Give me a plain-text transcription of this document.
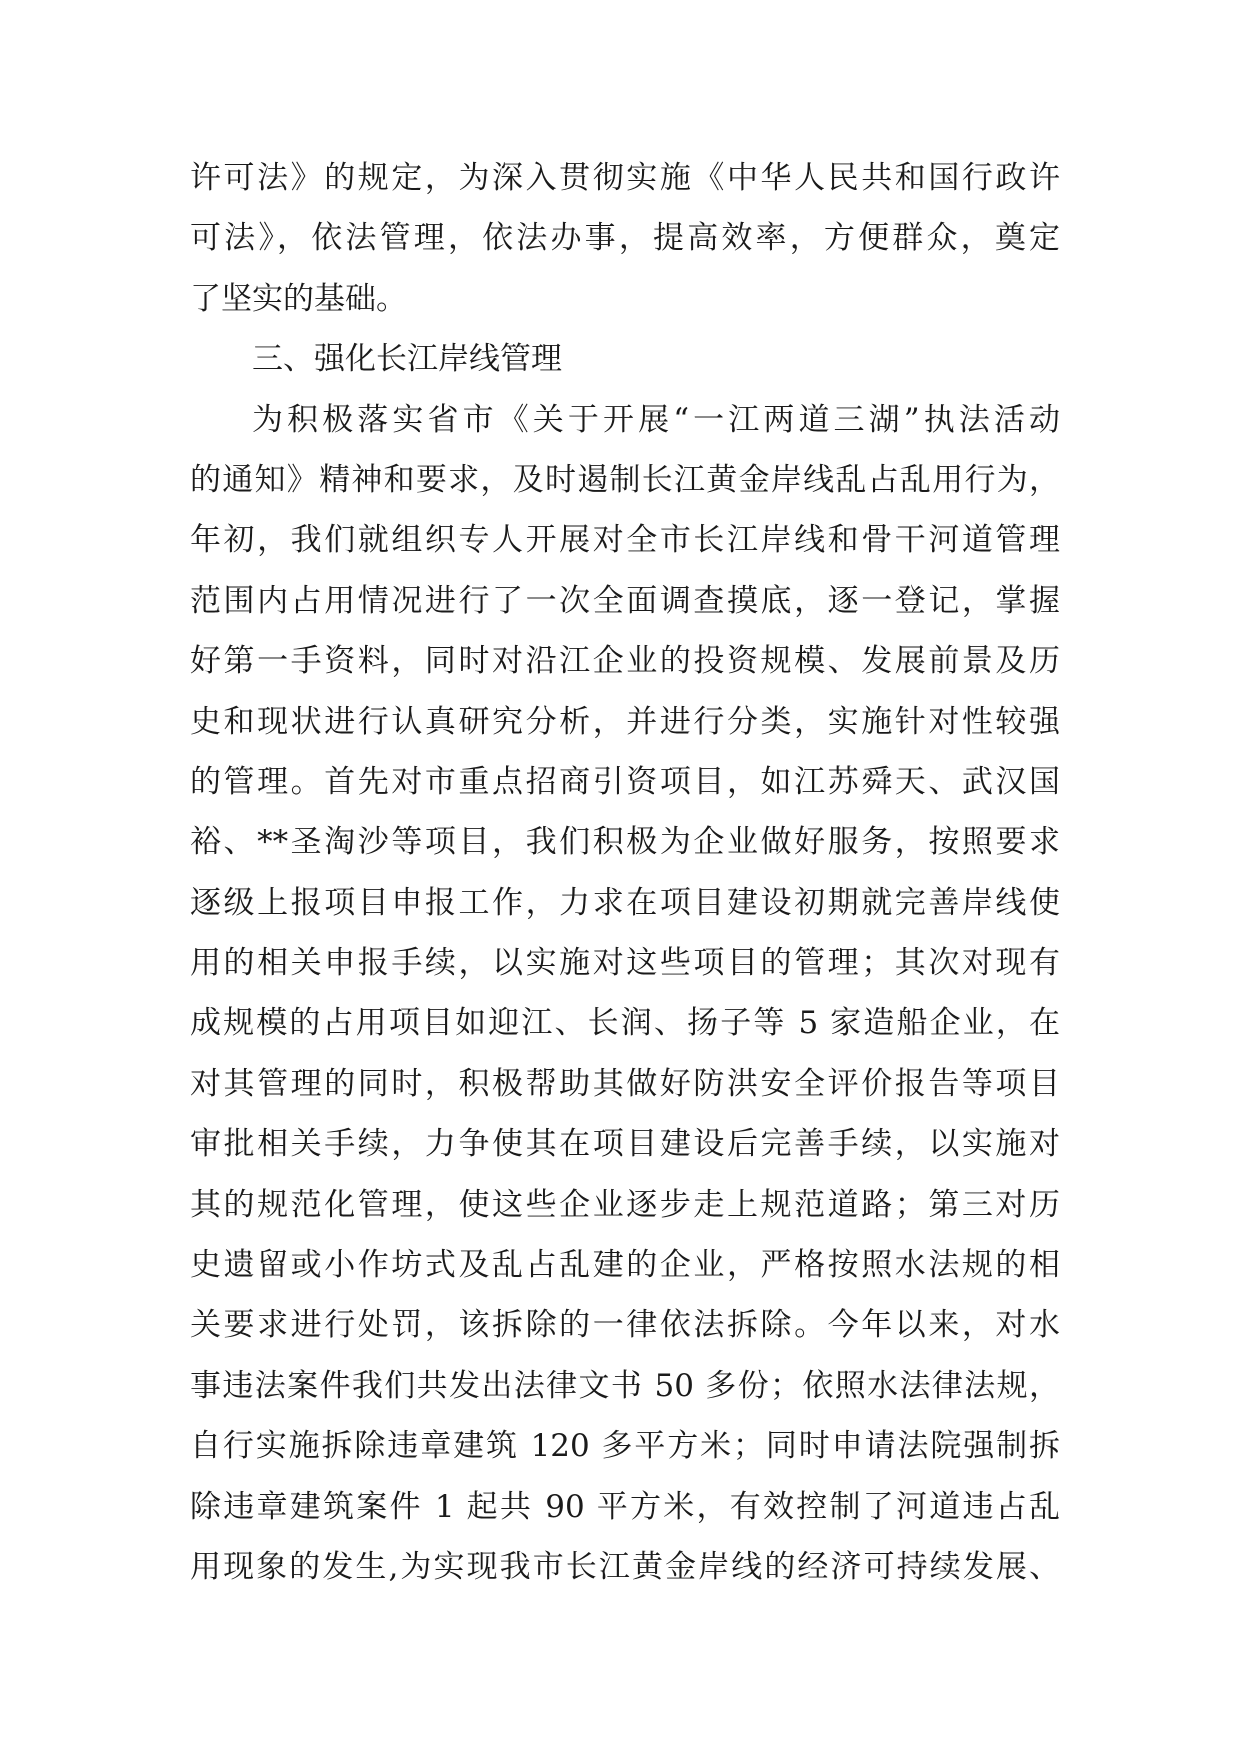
许可法》的规定，为深入贯彻实施《中华人民共和国行政许
可法》，依法管理，依法办事，提高效率，方便群众，奠定
了坚实的基础。
三、强化长江岸线管理
为积极落实省市《关于开展“一江两道三湖”执法活动
的通知》精神和要求，及时遏制长江黄金岸线乱占乱用行为，
年初，我们就组织专人开展对全市长江岸线和骨干河道管理
范围内占用情况进行了一次全面调查摸底，逐一登记，掌握
好第一手资料，同时对沿江企业的投资规模、发展前景及历
史和现状进行认真研究分析，并进行分类，实施针对性较强
的管理。首先对市重点招商引资项目，如江苏舜天、武汉国
裕、**圣淘沙等项目，我们积极为企业做好服务，按照要求
逐级上报项目申报工作，力求在项目建设初期就完善岸线使
用的相关申报手续，以实施对这些项目的管理；其次对现有
成规模的占用项目如迎江、长润、扬子等 5 家造船企业，在
对其管理的同时，积极帮助其做好防洪安全评价报告等项目
审批相关手续，力争使其在项目建设后完善手续，以实施对
其的规范化管理，使这些企业逐步走上规范道路；第三对历
史遗留或小作坊式及乱占乱建的企业，严格按照水法规的相
关要求进行处罚，该拆除的一律依法拆除。今年以来，对水
事违法案件我们共发出法律文书 50 多份；依照水法律法规，
自行实施拆除违章建筑 120 多平方米；同时申请法院强制拆
除违章建筑案件 1 起共 90 平方米，有效控制了河道违占乱
用现象的发生,为实现我市长江黄金岸线的经济可持续发展、
